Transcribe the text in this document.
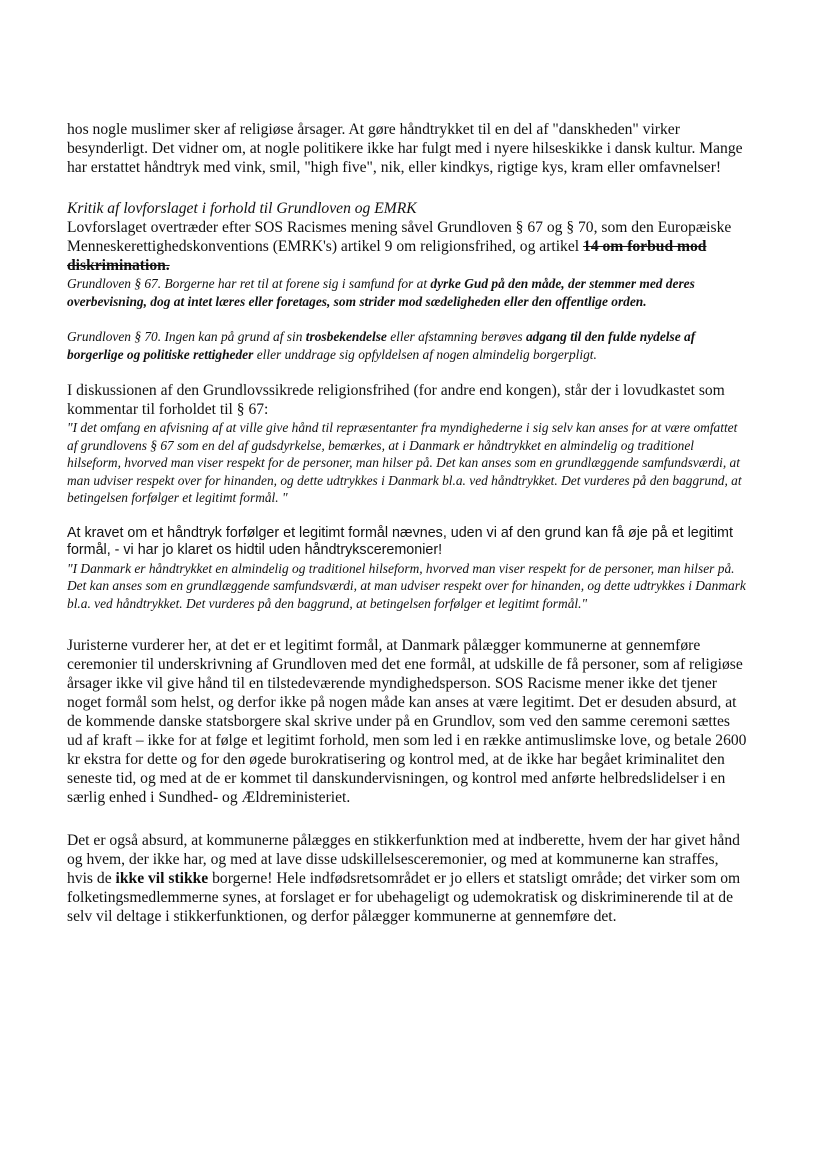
hos nogle muslimer sker af religiøse årsager. At gøre håndtrykket til en del af "danskheden" virker besynderligt. Det vidner om, at nogle politikere ikke har fulgt med i nyere hilseskikke i dansk kultur. Mange har erstattet håndtryk med vink, smil, "high five", nik, eller kindkys, rigtige kys, kram eller omfavnelser!

Kritik af lovforslaget i forhold til Grundloven og EMRK

Lovforslaget overtræder efter SOS Racismes mening såvel Grundloven § 67 og § 70, som den Europæiske Menneskerettighedskonventions (EMRK's) artikel 9 om religionsfrihed, og artikel 14 om forbud mod diskrimination.

Grundloven § 67. Borgerne har ret til at forene sig i samfund for at dyrke Gud på den måde, der stemmer med deres overbevisning, dog at intet læres eller foretages, som strider mod sædeligheden eller den offentlige orden.

Grundloven § 70. Ingen kan på grund af sin trosbekendelse eller afstamning berøves adgang til den fulde nydelse af borgerlige og politiske rettigheder eller unddrage sig opfyldelsen af nogen almindelig borgerpligt.

I diskussionen af den Grundlovssikrede religionsfrihed (for andre end kongen), står der i lovudkastet som kommentar til forholdet til § 67:

"I det omfang en afvisning af at ville give hånd til repræsentanter fra myndighederne i sig selv kan anses for at være omfattet af grundlovens § 67 som en del af gudsdyrkelse, bemærkes, at i Danmark er håndtrykket en almindelig og traditionel hilseform, hvorved man viser respekt for de personer, man hilser på. Det kan anses som en grundlæggende samfundsværdi, at man udviser respekt over for hinanden, og dette udtrykkes i Danmark bl.a. ved håndtrykket. Det vurderes på den baggrund, at betingelsen forfølger et legitimt formål. "

At kravet om et håndtryk forfølger et legitimt formål nævnes, uden vi af den grund kan få øje på et legitimt formål, - vi har jo klaret os hidtil uden håndtryksceremonier!

"I Danmark er håndtrykket en almindelig og traditionel hilseform, hvorved man viser respekt for de personer, man hilser på. Det kan anses som en grundlæggende samfundsværdi, at man udviser respekt over for hinanden, og dette udtrykkes i Danmark bl.a. ved håndtrykket. Det vurderes på den baggrund, at betingelsen forfølger et legitimt formål."

Juristerne vurderer her, at det er et legitimt formål, at Danmark pålægger kommunerne at gennemføre ceremonier til underskrivning af Grundloven med det ene formål, at udskille de få personer, som af religiøse årsager ikke vil give hånd til en tilstedeværende myndighedsperson. SOS Racisme mener ikke det tjener noget formål som helst, og derfor ikke på nogen måde kan anses at være legitimt. Det er desuden absurd, at de kommende danske statsborgere skal skrive under på en Grundlov, som ved den samme ceremoni sættes ud af kraft – ikke for at følge et legitimt forhold, men som led i en række antimuslimske love, og betale 2600 kr ekstra for dette og for den øgede burokratisering og kontrol med, at de ikke har begået kriminalitet den seneste tid, og med at de er kommet til danskundervisningen, og kontrol med anførte helbredslidelser i en særlig enhed i Sundhed- og Ældreministeriet.

Det er også absurd, at kommunerne pålægges en stikkerfunktion med at indberette, hvem der har givet hånd og hvem, der ikke har, og med at lave disse udskillelsesceremonier, og med at kommunerne kan straffes, hvis de ikke vil stikke borgerne! Hele indfødsretsområdet er jo ellers et statsligt område; det virker som om folketingsmedlemmerne synes, at forslaget er for ubehageligt og udemokratisk og diskriminerende til at de selv vil deltage i stikkerfunktionen, og derfor pålægger kommunerne at gennemføre det.
